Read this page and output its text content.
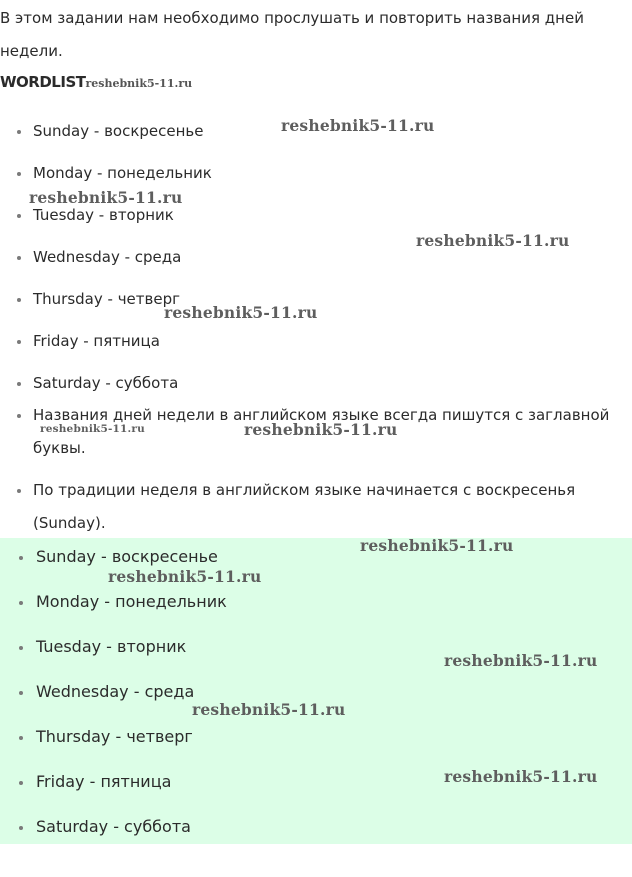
В этом задании нам необходимо прослушать и повторить названия дней недели.

WORDLISTreshebnik5-11.ru
Sunday - воскресенье
Monday - понедельник
Tuesday - вторник
Wednesday - среда
Thursday - четверг
Friday - пятница
Saturday - суббота
Названия дней недели в английском языке всегда пишутся с заглавной буквы.
По традиции неделя в английском языке начинается с воскресенья (Sunday).
Sunday - воскресенье
Monday - понедельник
Tuesday - вторник
Wednesday - среда
Thursday - четверг
Friday - пятница
Saturday - суббота
reshebnik5-11.ru
reshebnik5-11.ru
reshebnik5-11.ru
reshebnik5-11.ru
reshebnik5-11.ru	reshebnik5-11.ru
reshebnik5-11.ru
reshebnik5-11.ru
reshebnik5-11.ru
reshebnik5-11.ru
reshebnik5-11.ru
